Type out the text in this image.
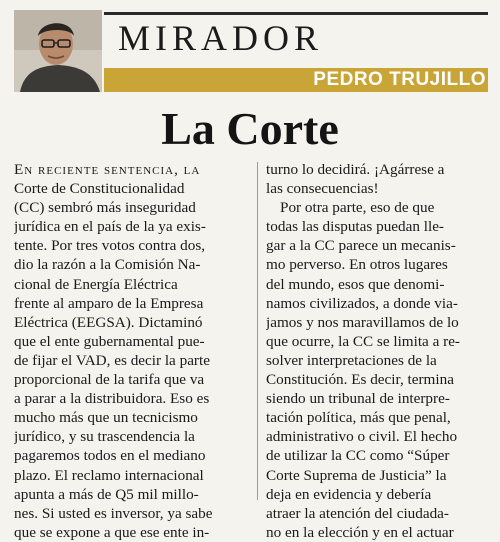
MIRADOR
PEDRO TRUJILLO
La Corte
En reciente sentencia, la
Corte de Constitucionalidad
(CC) sembró más inseguridad
jurídica en el país de la ya exis-
tente. Por tres votos contra dos,
dio la razón a la Comisión Na-
cional de Energía Eléctrica
frente al amparo de la Empresa
Eléctrica (EEGSA). Dictaminó
que el ente gubernamental pue-
de fijar el VAD, es decir la parte
proporcional de la tarifa que va
a parar a la distribuidora. Eso es
mucho más que un tecnicismo
jurídico, y su trascendencia la
pagaremos todos en el mediano
plazo. El reclamo internacional
apunta a más de Q5 mil millo-
nes. Si usted es inversor, ya sabe
que se expone a que ese ente in-
turno lo decidirá. ¡Agárrese a
las consecuencias!
Por otra parte, eso de que
todas las disputas puedan lle-
gar a la CC parece un mecanis-
mo perverso. En otros lugares
del mundo, esos que denomi-
namos civilizados, a donde via-
jamos y nos maravillamos de lo
que ocurre, la CC se limita a re-
solver interpretaciones de la
Constitución. Es decir, termina
siendo un tribunal de interpre-
tación política, más que penal,
administrativo o civil. El hecho
de utilizar la CC como “Súper
Corte Suprema de Justicia” la
deja en evidencia y debería
atraer la atención del ciudada-
no en la elección y en el actuar
